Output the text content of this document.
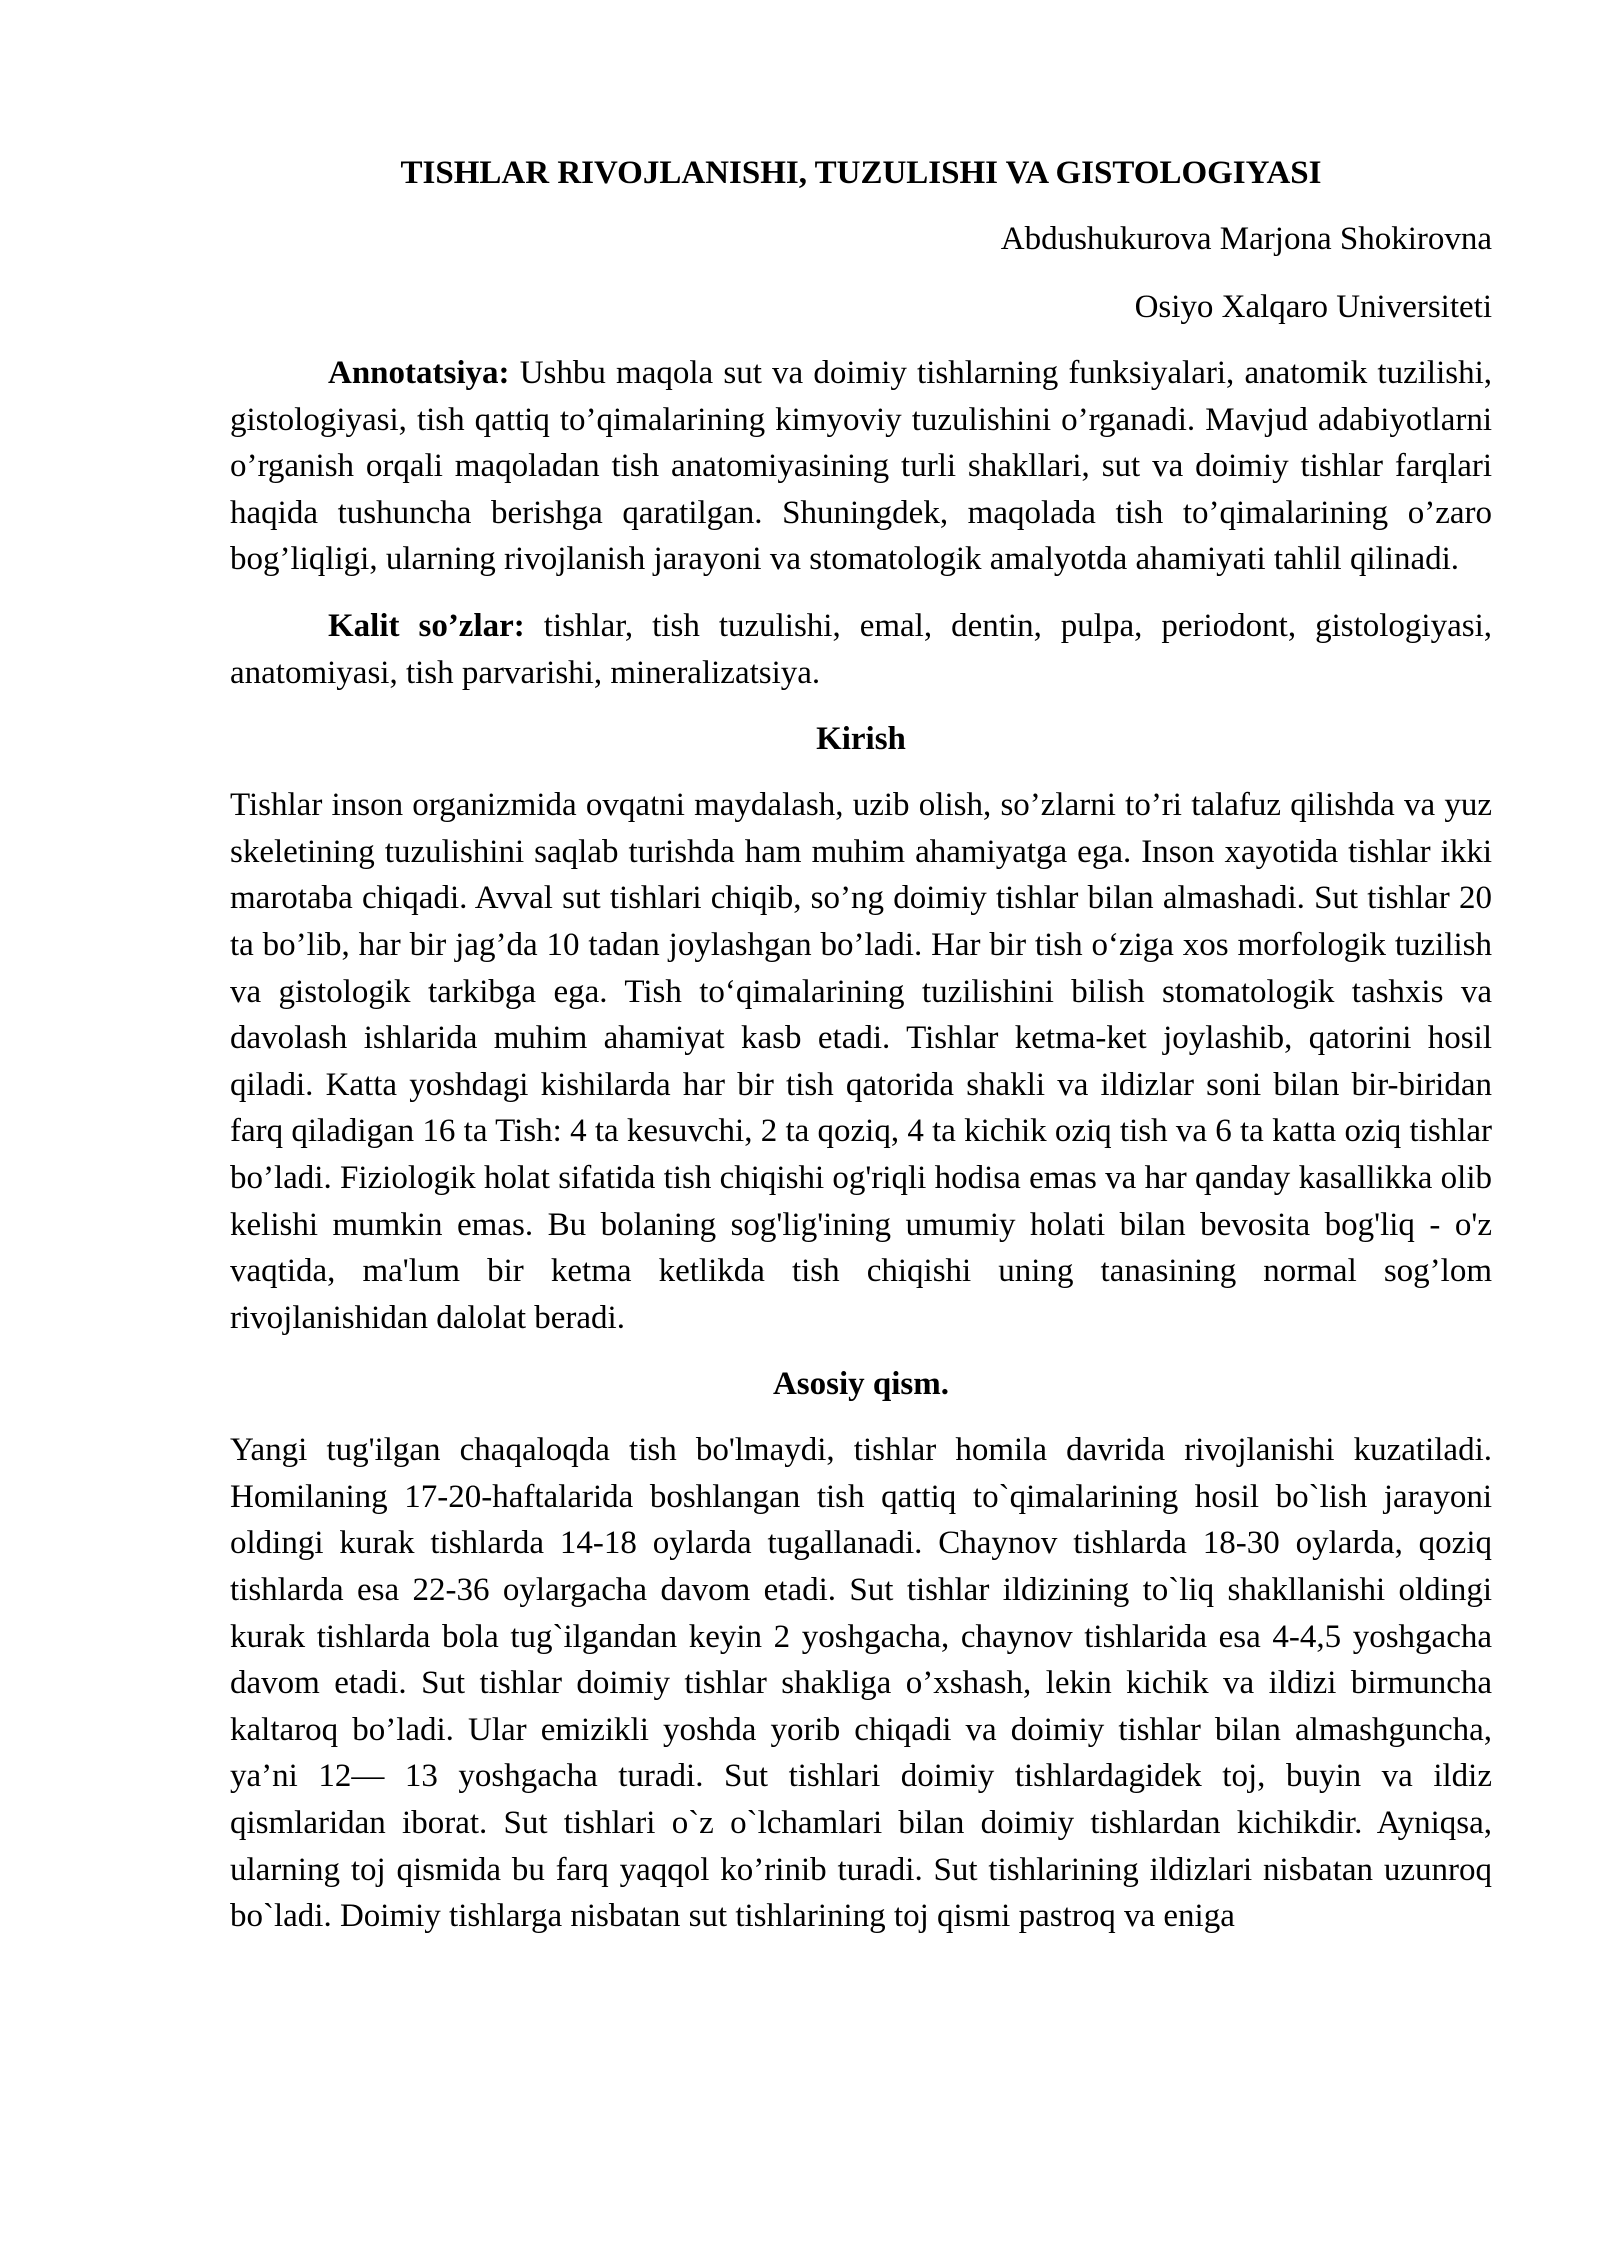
TISHLAR RIVOJLANISHI, TUZULISHI VA GISTOLOGIYASI
Abdushukurova Marjona Shokirovna
Osiyo Xalqaro Universiteti

Annotatsiya: Ushbu maqola sut va doimiy tishlarning funksiyalari, anatomik tuzilishi, gistologiyasi, tish qattiq to’qimalarining kimyoviy tuzulishini o’rganadi. Mavjud adabiyotlarni o’rganish orqali maqoladan tish anatomiyasining turli shakllari, sut va doimiy tishlar farqlari haqida tushuncha berishga qaratilgan. Shuningdek, maqolada tish to’qimalarining o’zaro bog’liqligi, ularning rivojlanish jarayoni va stomatologik amalyotda ahamiyati tahlil qilinadi.

Kalit so’zlar: tishlar, tish tuzulishi, emal, dentin, pulpa, periodont, gistologiyasi, anatomiyasi, tish parvarishi, mineralizatsiya.

Kirish

Tishlar inson organizmida ovqatni maydalash, uzib olish, so’zlarni to’ri talafuz qilishda va yuz skeletining tuzulishini saqlab turishda ham muhim ahamiyatga ega. Inson xayotida tishlar ikki marotaba chiqadi. Avval sut tishlari chiqib, so’ng doimiy tishlar bilan almashadi. Sut tishlar 20 ta bo’lib, har bir jag’da 10 tadan joylashgan bo’ladi. Har bir tish o‘ziga xos morfologik tuzilish va gistologik tarkibga ega. Tish to‘qimalarining tuzilishini bilish stomatologik tashxis va davolash ishlarida muhim ahamiyat kasb etadi. Tishlar ketma-ket joylashib, qatorini hosil qiladi. Katta yoshdagi kishilarda har bir tish qatorida shakli va ildizlar soni bilan bir-biridan farq qiladigan 16 ta Tish: 4 ta kesuvchi, 2 ta qoziq, 4 ta kichik oziq tish va 6 ta katta oziq tishlar bo’ladi. Fiziologik holat sifatida tish chiqishi og'riqli hodisa emas va har qanday kasallikka olib kelishi mumkin emas. Bu bolaning sog'lig'ining umumiy holati bilan bevosita bog'liq - o'z vaqtida, ma'lum bir ketma ketlikda tish chiqishi uning tanasining normal sog’lom rivojlanishidan dalolat beradi.

Asosiy qism.

Yangi tug'ilgan chaqaloqda tish bo'lmaydi, tishlar homila davrida rivojlanishi kuzatiladi. Homilaning 17-20-haftalarida boshlangan tish qattiq to`qimalarining hosil bo`lish jarayoni oldingi kurak tishlarda 14-18 oylarda tugallanadi. Chaynov tishlarda 18-30 oylarda, qoziq tishlarda esa 22-36 oylargacha davom etadi. Sut tishlar ildizining to`liq shakllanishi oldingi kurak tishlarda bola tug`ilgandan keyin 2 yoshgacha, chaynov tishlarida esa 4-4,5 yoshgacha davom etadi. Sut tishlar doimiy tishlar shakliga o’xshash, lekin kichik va ildizi birmuncha kaltaroq bo’ladi. Ular emizikli yoshda yorib chiqadi va doimiy tishlar bilan almashguncha, ya’ni 12— 13 yoshgacha turadi. Sut tishlari doimiy tishlardagidek toj, buyin va ildiz qismlaridan iborat. Sut tishlari o`z o`lchamlari bilan doimiy tishlardan kichikdir. Ayniqsa, ularning toj qismida bu farq yaqqol ko’rinib turadi. Sut tishlarining ildizlari nisbatan uzunroq bo`ladi. Doimiy tishlarga nisbatan sut tishlarining toj qismi pastroq va eniga
